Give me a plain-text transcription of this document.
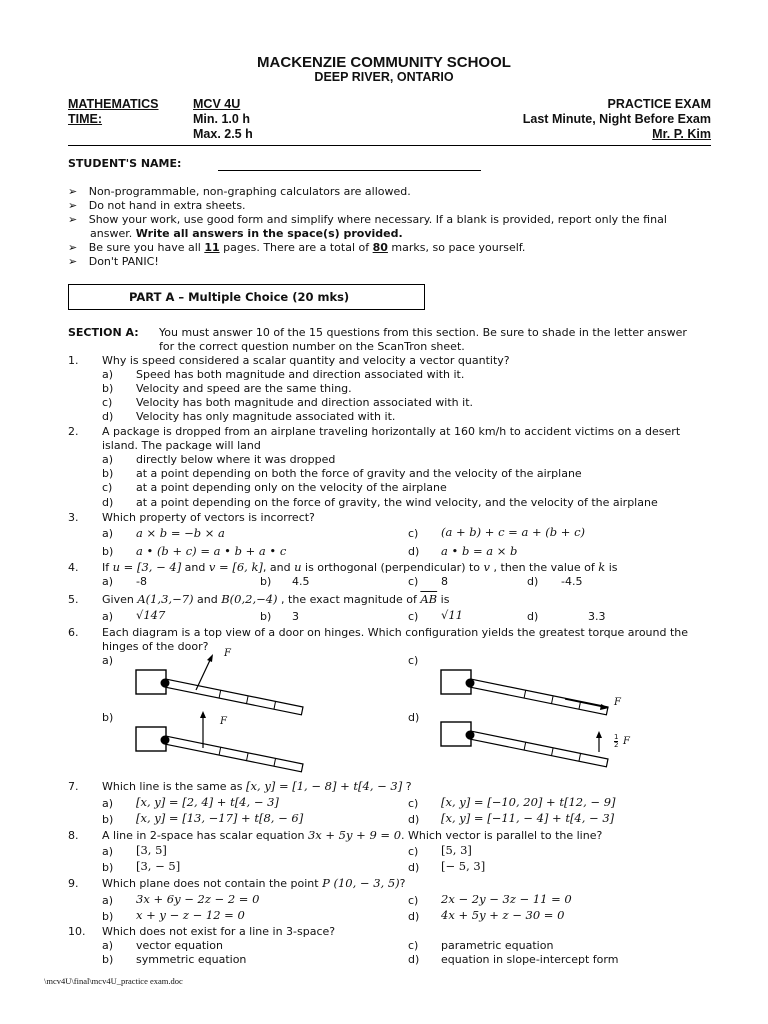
MACKENZIE COMMUNITY SCHOOL
DEEP RIVER, ONTARIO
MATHEMATICS	MCV 4U
TIME:	Min. 1.0 h
Max. 2.5 h
PRACTICE EXAM
Last Minute, Night Before Exam
Mr. P. Kim
STUDENT'S NAME:
➢ Non-programmable, non-graphing calculators are allowed.
➢ Do not hand in extra sheets.
➢ Show your work, use good form and simplify where necessary. If a blank is provided, report only the final
answer. Write all answers in the space(s) provided.
➢ Be sure you have all 11 pages. There are a total of 80 marks, so pace yourself.
➢ Don't PANIC!
PART A – Multiple Choice (20 mks)
SECTION A: You must answer 10 of the 15 questions from this section. Be sure to shade in the letter answer
for the correct question number on the ScanTron sheet.
1. Why is speed considered a scalar quantity and velocity a vector quantity?
a) Speed has both magnitude and direction associated with it.
b) Velocity and speed are the same thing.
c) Velocity has both magnitude and direction associated with it.
d) Velocity has only magnitude associated with it.
2. A package is dropped from an airplane traveling horizontally at 160 km/h to accident victims on a desert
island. The package will land
a) directly below where it was dropped
b) at a point depending on both the force of gravity and the velocity of the airplane
c) at a point depending only on the velocity of the airplane
d) at a point depending on the force of gravity, the wind velocity, and the velocity of the airplane
3. Which property of vectors is incorrect?
a) a × b = −b × a	c) (a + b) + c = a + (b + c)
b) a • (b + c) = a • b + a • c	d) a • b = a × b
4. If u = [3, − 4] and v = [6, k], and u is orthogonal (perpendicular) to v , then the value of k is
a) -8	b) 4.5	c) 8	d) -4.5
5. Given A(1,3,−7) and B(0,2,−4) , the exact magnitude of $\overline{AB}$ is
a) √147	b) 3	c) √11	d)	3.3
6. Each diagram is a top view of a door on hinges. Which configuration yields the greatest torque around the
hinges of the door?
a)	c)
b)	d)
F
F
F
1
2 F
7. Which line is the same as [x, y] = [1, − 8] + t[4, − 3] ?
a) [x, y] = [2, 4] + t[4, − 3]	c) [x, y] = [−10, 20] + t[12, − 9]
b) [x, y] = [13, −17] + t[8, − 6]	d) [x, y] = [−11, − 4] + t[4, − 3]
8. A line in 2-space has scalar equation 3x + 5y + 9 = 0. Which vector is parallel to the line?
a) [3, 5]	c) [5, 3]
b) [3, − 5]	d) [− 5, 3]
9. Which plane does not contain the point P (10, − 3, 5)?
a) 3x + 6y − 2z − 2 = 0	c) 2x − 2y − 3z − 11 = 0
b) x + y − z − 12 = 0	d) 4x + 5y + z − 30 = 0
10. Which does not exist for a line in 3-space?
a) vector equation	c) parametric equation
b) symmetric equation	d) equation in slope-intercept form
\mcv4U\final\mcv4U_practice exam.doc
